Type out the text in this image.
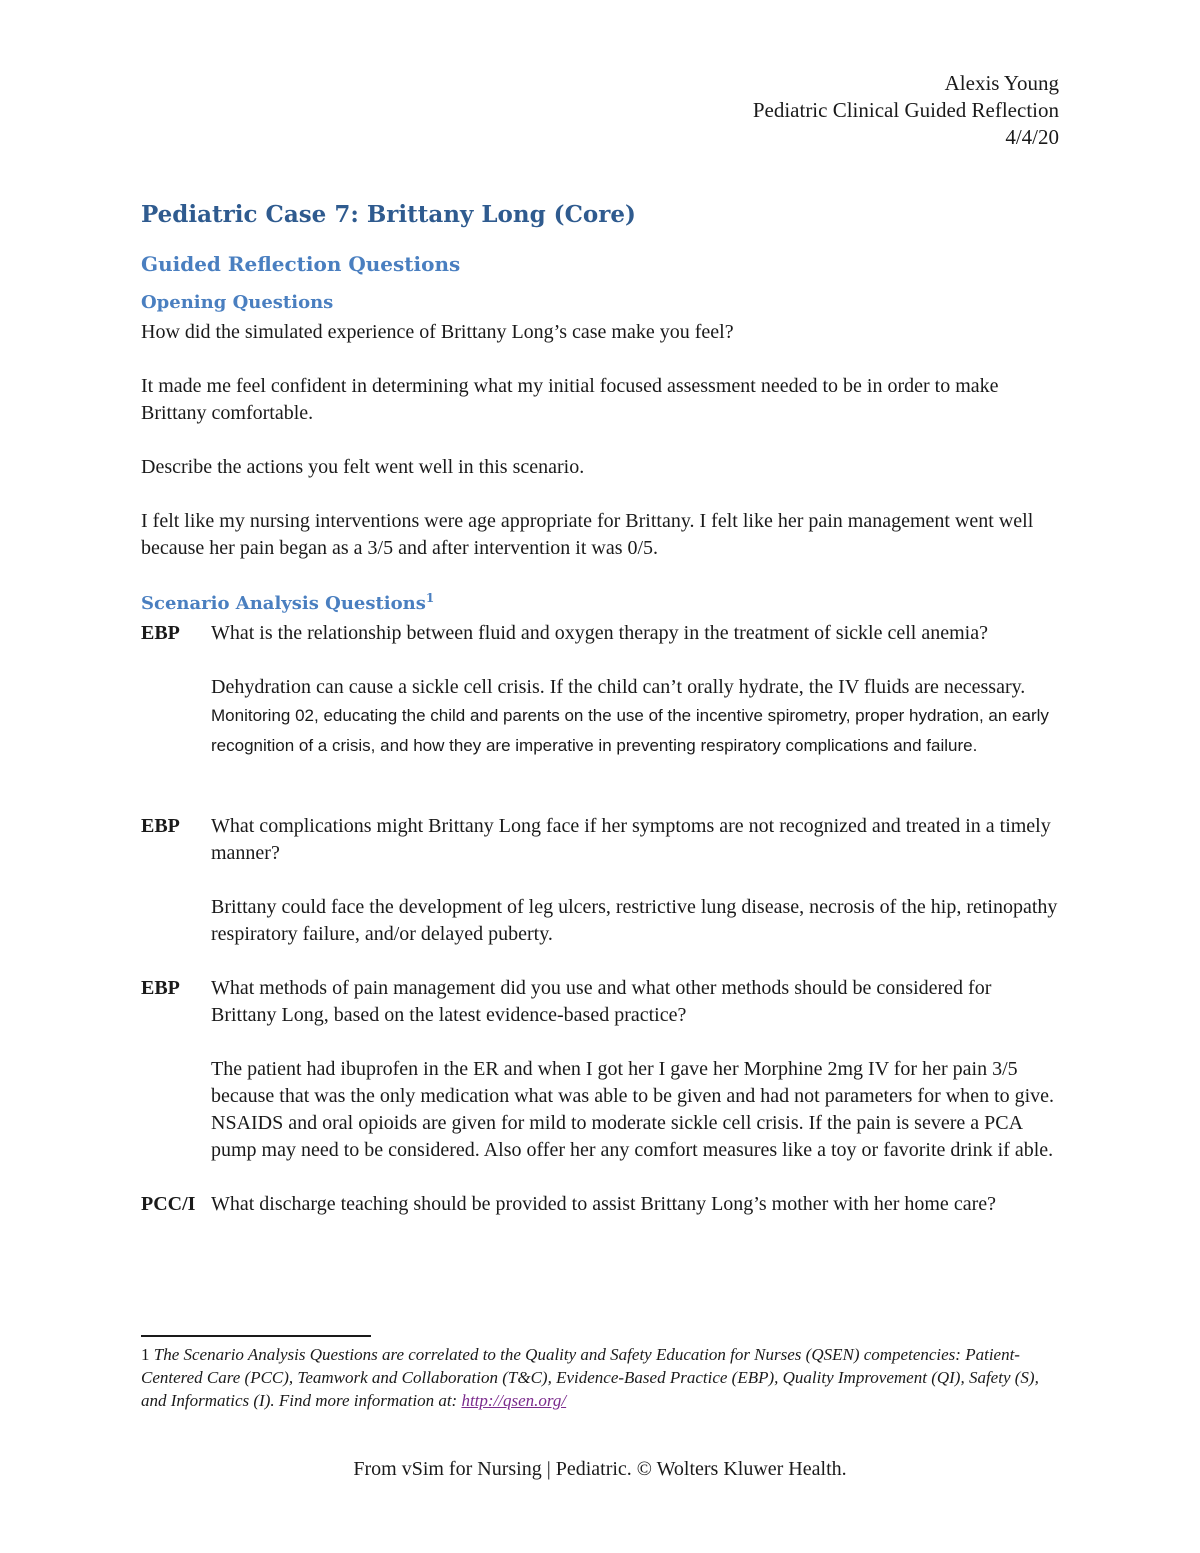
Alexis Young
Pediatric Clinical Guided Reflection
4/4/20
Pediatric Case 7: Brittany Long (Core)
Guided Reflection Questions
Opening Questions

How did the simulated experience of Brittany Long’s case make you feel?

It made me feel confident in determining what my initial focused assessment needed to be in order to make Brittany comfortable.

Describe the actions you felt went well in this scenario.

I felt like my nursing interventions were age appropriate for Brittany. I felt like her pain management went well because her pain began as a 3/5 and after intervention it was 0/5.

Scenario Analysis Questions$^1$
EBP	What is the relationship between fluid and oxygen therapy in the treatment of sickle cell anemia?
Dehydration can cause a sickle cell crisis. If the child can’t orally hydrate, the IV fluids are necessary. Monitoring 02, educating the child and parents on the use of the incentive spirometry, proper hydration, an early recognition of a crisis, and how they are imperative in preventing respiratory complications and failure.
EBP	What complications might Brittany Long face if her symptoms are not recognized and treated in a timely manner?
Brittany could face the development of leg ulcers, restrictive lung disease, necrosis of the hip, retinopathy respiratory failure, and/or delayed puberty.
EBP	What methods of pain management did you use and what other methods should be considered for Brittany Long, based on the latest evidence-based practice?
The patient had ibuprofen in the ER and when I got her I gave her Morphine 2mg IV for her pain 3/5 because that was the only medication what was able to be given and had not parameters for when to give. NSAIDS and oral opioids are given for mild to moderate sickle cell crisis. If the pain is severe a PCA pump may need to be considered. Also offer her any comfort measures like a toy or favorite drink if able.
PCC/I What discharge teaching should be provided to assist Brittany Long’s mother with her home care?
1 The Scenario Analysis Questions are correlated to the Quality and Safety Education for Nurses (QSEN) competencies: Patient-Centered Care (PCC), Teamwork and Collaboration (T&C), Evidence-Based Practice (EBP), Quality Improvement (QI), Safety (S), and Informatics (I). Find more information at: http://qsen.org/
From vSim for Nursing | Pediatric. © Wolters Kluwer Health.
